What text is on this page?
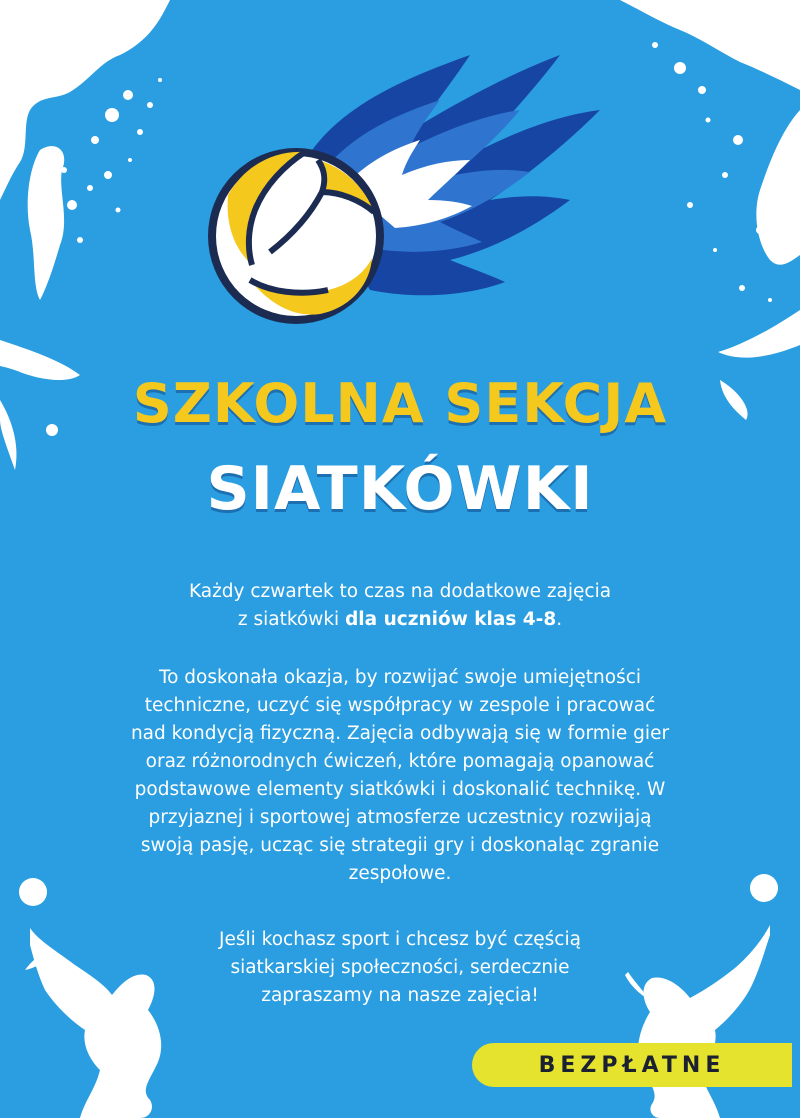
SZKOLNA SEKCJA
SIATKÓWKI
Każdy czwartek to czas na dodatkowe zajęcia
z siatkówki dla uczniów klas 4-8.
To doskonała okazja, by rozwijać swoje umiejętności
techniczne, uczyć się współpracy w zespole i pracować
nad kondycją fizyczną. Zajęcia odbywają się w formie gier
oraz różnorodnych ćwiczeń, które pomagają opanować
podstawowe elementy siatkówki i doskonalić technikę. W
przyjaznej i sportowej atmosferze uczestnicy rozwijają
swoją pasję, ucząc się strategii gry i doskonaląc zgranie
zespołowe.
Jeśli kochasz sport i chcesz być częścią
siatkarskiej społeczności, serdecznie
zapraszamy na nasze zajęcia!
BEZPŁATNE
